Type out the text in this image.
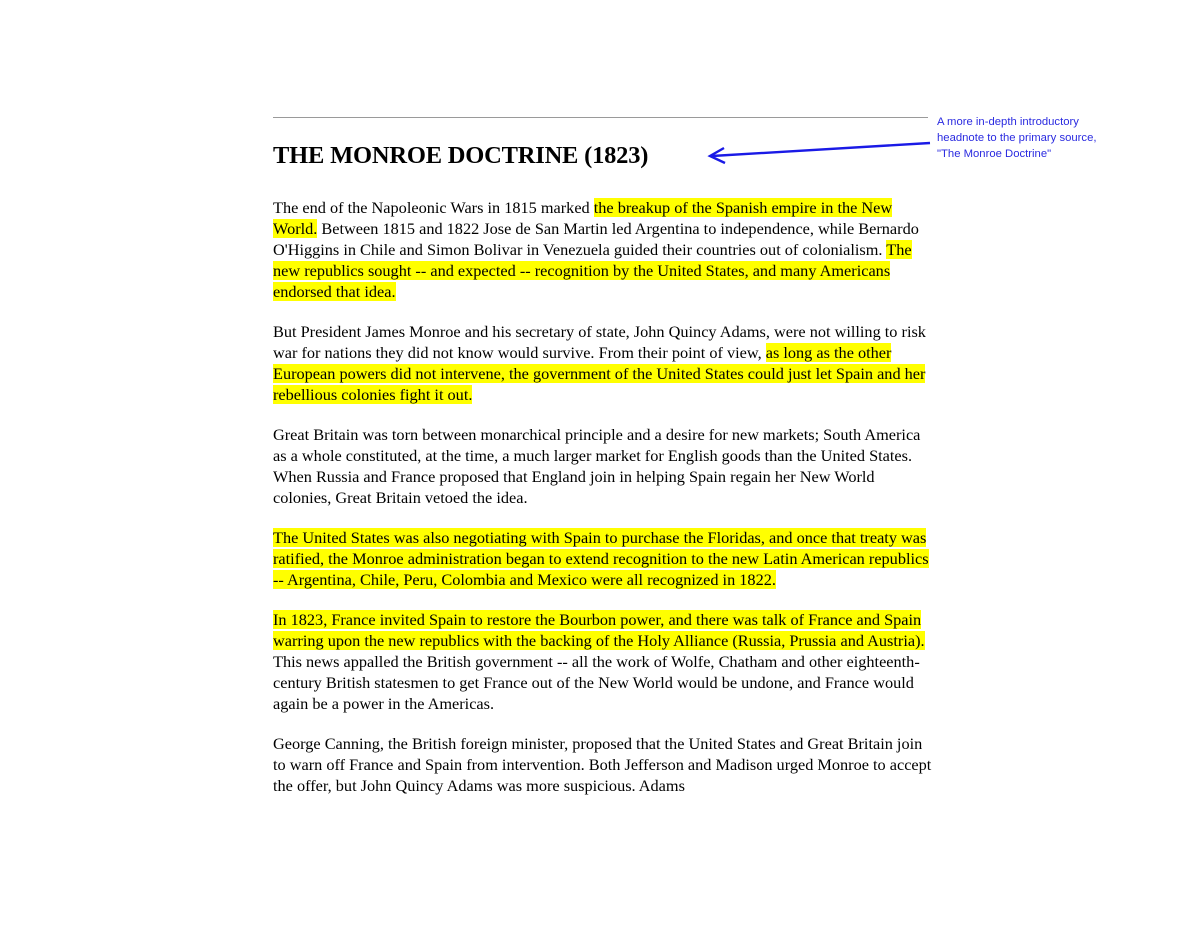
THE MONROE DOCTRINE (1823)

The end of the Napoleonic Wars in 1815 marked the breakup of the Spanish empire in the New World. Between 1815 and 1822 Jose de San Martin led Argentina to independence, while Bernardo O'Higgins in Chile and Simon Bolivar in Venezuela guided their countries out of colonialism. The new republics sought -- and expected -- recognition by the United States, and many Americans endorsed that idea.

But President James Monroe and his secretary of state, John Quincy Adams, were not willing to risk war for nations they did not know would survive. From their point of view, as long as the other European powers did not intervene, the government of the United States could just let Spain and her rebellious colonies fight it out.

Great Britain was torn between monarchical principle and a desire for new markets; South America as a whole constituted, at the time, a much larger market for English goods than the United States. When Russia and France proposed that England join in helping Spain regain her New World colonies, Great Britain vetoed the idea.

The United States was also negotiating with Spain to purchase the Floridas, and once that treaty was ratified, the Monroe administration began to extend recognition to the new Latin American republics -- Argentina, Chile, Peru, Colombia and Mexico were all recognized in 1822.

In 1823, France invited Spain to restore the Bourbon power, and there was talk of France and Spain warring upon the new republics with the backing of the Holy Alliance (Russia, Prussia and Austria). This news appalled the British government -- all the work of Wolfe, Chatham and other eighteenth-century British statesmen to get France out of the New World would be undone, and France would again be a power in the Americas.

George Canning, the British foreign minister, proposed that the United States and Great Britain join to warn off France and Spain from intervention. Both Jefferson and Madison urged Monroe to accept the offer, but John Quincy Adams was more suspicious. Adams

A more in-depth introductory
headnote to the primary source,
"The Monroe Doctrine"
